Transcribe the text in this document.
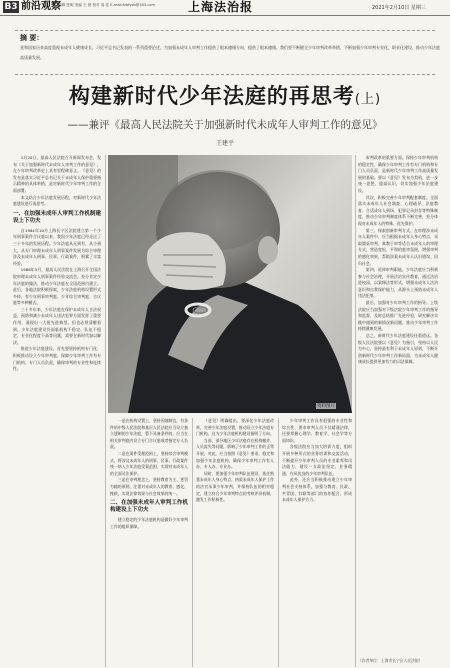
B3 前沿观察
编辑 张明 美编 王 晨 校对 周 佳 E-mail:fzbfyzb@163.com	上海法治报	2021年2月10日 星期三
摘 要：
党和国家历来高度重视未成年人健康成长，习近平总书记发表的一系列重要论述，为加强未成年人审判工作提供了根本遵循方向，提供了根本遵循。我们要不断健全少年审判改革举措，不断加强少年审判专业化、职业化建设，推动少年法庭高质量发展。
构建新时代少年法庭的再思考(上)
——兼评《最高人民法院关于加强新时代未成年人审判工作的意见》
王建平

1月20日，最高人民法院召开新闻发布会，发布《关于加强新时代未成年人审判工作的意见》，在少年审判改革史上具有里程碑意义。《意见》的发布是落实习近平总书记关于未成年人保护重要指示精神的具体举措，是对新时代少年审判工作的全面部署。

本文结合少年法庭发展历程，对新时代少年法庭建设进行再思考。

一、在加强未成年人审判工作机制建设上下功夫

自1984年10月上海长宁区法院建立第一个少年刑事案件合议庭以来，我国少年法庭已经走过了三十多年的发展历程。少年法庭从无到有，从小到大，从专门审理未成年人刑事案件发展为综合审理涉及未成年人刑事、民事、行政案件，积累了丰富经验。

1988年5月，最高人民法院在上海召开全国法院审理未成年人刑事案件经验交流会，充分肯定少年法庭的做法，推动少年法庭在全国范围内建立。此后，各地法院积极探索，少年法庭机构设置形式多样，有少年刑事审判庭、少年综合审判庭、合议庭等多种模式。

三十多年来，少年法庭在保护未成年人合法权益、预防和减少未成年人违法犯罪方面发挥了重要作用，涌现出一大批先进典型。但也必须清醒看到，少年法庭建设仍面临机构不稳定、队伍不稳定、专业化程度不高等问题，需要在新时代加以解决。

推进少年法庭建设，首先要坚持机构专门化，积极推动设立少年审判庭，保障少年审判工作有专门机构、专门人员负责，确保审判的专业性和连续性。

资料图片

一是在机构设置上，坚持因地制宜，有条件的中级人民法院和基层人民法院应当设立独立建制的少年法庭，暂不具备条件的，应当在相关审判庭内设立专门合议庭或者指定专人负责。

二是在案件受理范围上，坚持综合审判模式，将涉及未成年人的刑事、民事、行政案件统一纳入少年法庭受案范围，实现对未成年人的全面司法保护。

三是在审判理念上，坚持教育为主、惩罚为辅的原则，注重对未成年人的教育、感化、挽救，实现法律效果与社会效果的统一。

二、在加强未成年人审判工作机构建设上下功夫

建立稳定的少年法庭机构是做好少年审判工作的组织保障。

《意见》明确提出，要深化少年法庭改革，完善少年法庭设置，推动设立少年法庭专门机构。这为少年法庭机构建设指明了方向。

当前，部分地区少年法庭存在机构撤并、人员流失等问题，影响了少年审判工作的正常开展。对此，应当按照《意见》要求，稳定和加强少年法庭机构，确保少年审判工作有人办、专人办、专业办。

同时，要加强少年审判队伍建设，选任熟悉未成年人身心特点、热爱未成年人保护工作的法官从事少年审判，并保持队伍的相对稳定，建立符合少年审判特点的考核评价机制，激发工作积极性。

少年审判工作具有很强的专业性和综合性，要求审判人员不仅精通法律，还要掌握心理学、教育学、社会学等方面知识。

各级法院应当加大培训力度，组织开展多种形式的业务培训和交流活动，不断提升少年审判人员的专业素养和司法能力，建设一支政治坚定、业务精通、作风优良的少年审判队伍。

此外，还应当积极推动建立少年审判社会支持体系，加强与教育、民政、共青团、妇联等部门的协作配合，形成未成年人保护合力。

审判改革的重要方面。保持少年审判机构的稳定性，确保少年审判工作有专门机构和专门人员负责，是新时代少年审判工作高质量发展的基础。要以《意见》发布为契机，进一步统一思想、提高认识，切实加强少年法庭建设。

其次，积极完善少年审判配套制度。全面落实未成年人社会调查、心理疏导、法庭教育、合适成年人到场、犯罪记录封存等特殊制度，推动少年审判制度体系不断完善，充分体现对未成年人的特殊、优先保护。

第三，探索创新审判方式。在审理涉未成年人案件中，应当根据未成年人身心特点，采取圆桌审判、寓教于审等适合未成年人的审理方式，营造宽松、平和的庭审氛围，增强审判的感化效果，帮助涉案未成年人认识错误、回归社会。

第四，延伸审判职能。少年法庭应当积极参与社会治理，开展法治宣传教育，通过法治进校园、以案释法等形式，增强未成年人法治意识和自我保护能力，从源头上预防未成年人违法犯罪。

最后，加强对少年审判工作的指导。上级法院应当加强对下级法院少年审判工作的指导和监督，及时总结推广先进经验，研究解决实践中遇到的新情况新问题，推动少年审判工作持续健康发展。

总之，新时代少年法庭建设任重道远。各级人民法院要以《意见》为指引，坚持以人民为中心，坚持最有利于未成年人原则，不断开创新时代少年审判工作新局面，为未成年人健康成长提供更加有力的司法保障。

（作者单位：上海市长宁区人民法院）
